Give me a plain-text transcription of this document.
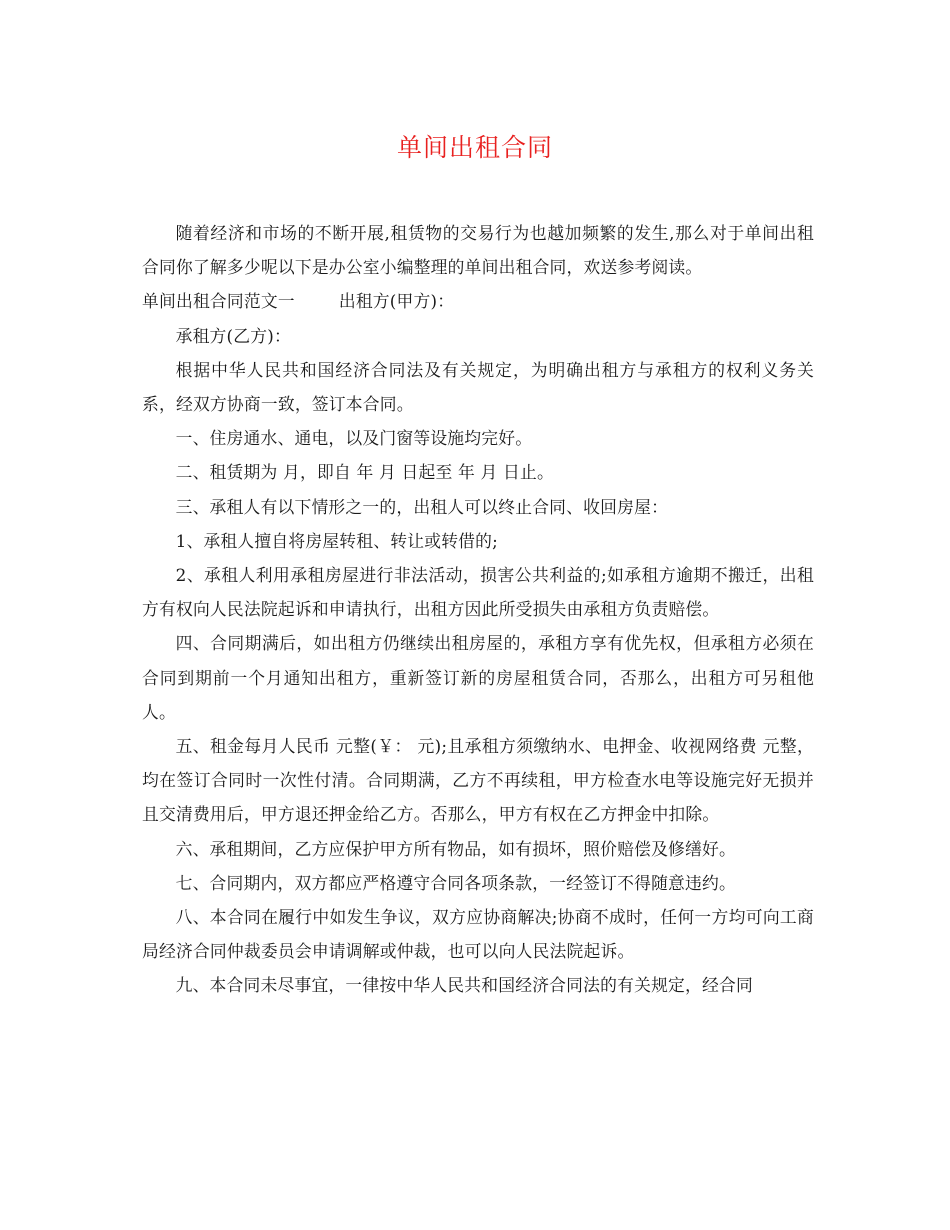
单间出租合同

随着经济和市场的不断开展,租赁物的交易行为也越加频繁的发生,那么对于单间出租合同你了解多少呢以下是办公室小编整理的单间出租合同，欢送参考阅读。

单间出租合同范文一	出租方(甲方)：

承租方(乙方)：

根据中华人民共和国经济合同法及有关规定，为明确出租方与承租方的权利义务关系，经双方协商一致，签订本合同。

一、住房通水、通电，以及门窗等设施均完好。

二、租赁期为 月，即自 年 月 日起至 年 月 日止。

三、承租人有以下情形之一的，出租人可以终止合同、收回房屋：

1、承租人擅自将房屋转租、转让或转借的;

2、承租人利用承租房屋进行非法活动，损害公共利益的;如承租方逾期不搬迁，出租方有权向人民法院起诉和申请执行，出租方因此所受损失由承租方负责赔偿。

四、合同期满后，如出租方仍继续出租房屋的，承租方享有优先权，但承租方必须在合同到期前一个月通知出租方，重新签订新的房屋租赁合同，否那么，出租方可另租他人。

五、租金每月人民币 元整(￥： 元);且承租方须缴纳水、电押金、收视网络费 元整，均在签订合同时一次性付清。合同期满，乙方不再续租，甲方检查水电等设施完好无损并且交清费用后，甲方退还押金给乙方。否那么，甲方有权在乙方押金中扣除。

六、承租期间，乙方应保护甲方所有物品，如有损坏，照价赔偿及修缮好。

七、合同期内，双方都应严格遵守合同各项条款，一经签订不得随意违约。

八、本合同在履行中如发生争议，双方应协商解决;协商不成时，任何一方均可向工商局经济合同仲裁委员会申请调解或仲裁，也可以向人民法院起诉。

九、本合同未尽事宜，一律按中华人民共和国经济合同法的有关规定，经合同
